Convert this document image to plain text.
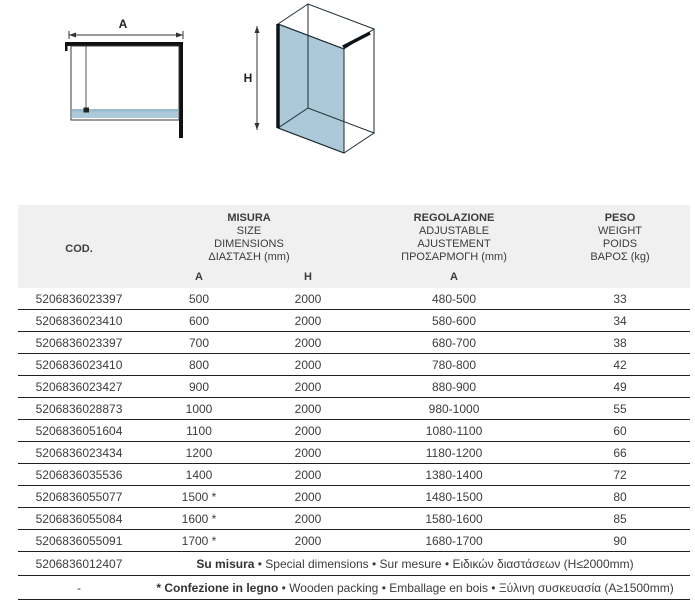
A
H
COD.

MISURA
SIZE
DIMENSIONS
ΔΙΑΣΤΑΣΗ (mm)

REGOLAZIONE
ADJUSTABLE
AJUSTEMENT
ΠΡΟΣΑΡΜΟΓΗ (mm)

PESO
WEIGHT
POIDS
ΒΑΡΟΣ (kg)

	A	H	A	
5206836023397	500	2000	480-500	33
5206836023410	600	2000	580-600	34
5206836023397	700	2000	680-700	38
5206836023410	800	2000	780-800	42
5206836023427	900	2000	880-900	49
5206836028873	1000	2000	980-1000	55
5206836051604	1100	2000	1080-1100	60
5206836023434	1200	2000	1180-1200	66
5206836035536	1400	2000	1380-1400	72
5206836055077	1500 *	2000	1480-1500	80
5206836055084	1600 *	2000	1580-1600	85
5206836055091	1700 *	2000	1680-1700	90
5206836012407	Su misura • Special dimensions • Sur mesure • Ειδικών διαστάσεων (H≤2000mm)			
-	* Confezione in legno • Wooden packing • Emballage en bois • Ξύλινη συσκευασία (A≥1500mm)			
